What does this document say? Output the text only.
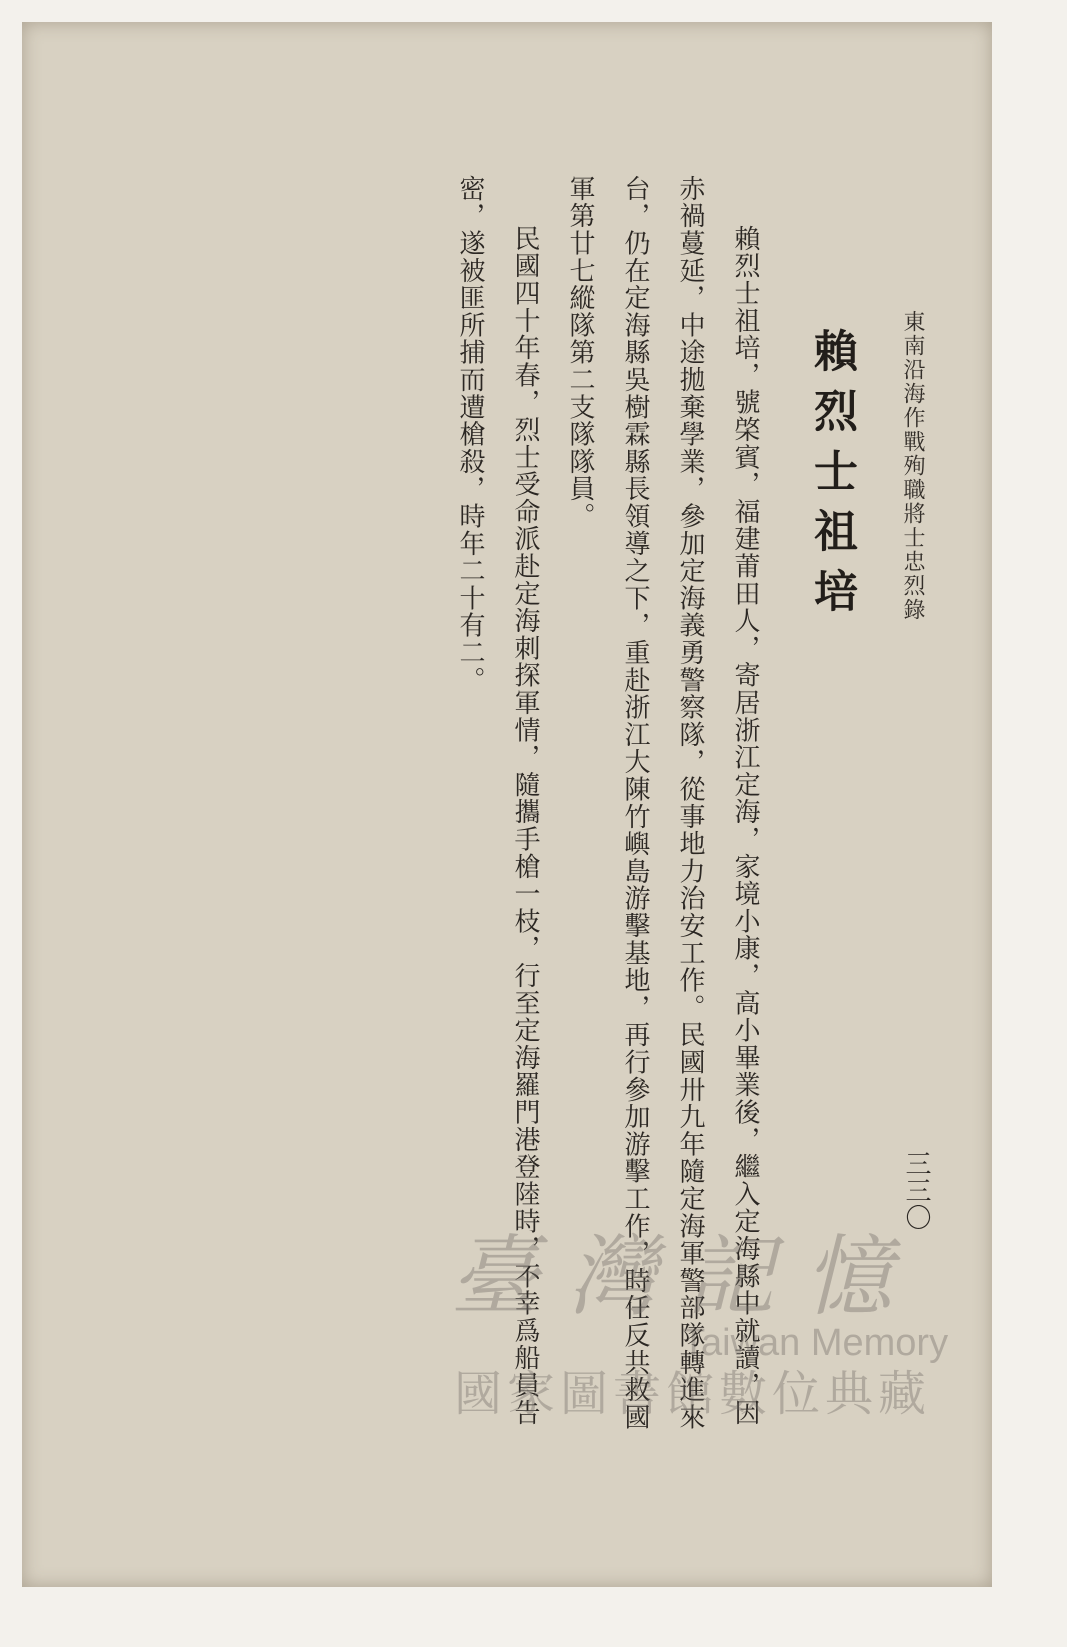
東南沿海作戰殉職將士忠烈錄
三三〇
賴烈士祖培
賴烈士祖培，號棨賓，福建莆田人，寄居浙江定海，家境小康，高小畢業後，繼入定海縣中就讀，因
赤禍蔓延，中途拋棄學業，參加定海義勇警察隊，從事地力治安工作。民國卅九年隨定海軍警部隊轉進來
台，仍在定海縣吳樹霖縣長領導之下，重赴浙江大陳竹嶼島游擊基地，再行參加游擊工作，時任反共救國
軍第廿七縱隊第二支隊隊員。
民國四十年春，烈士受命派赴定海刺探軍情，隨攜手槍一枝，行至定海羅門港登陸時，不幸爲船員告
密，遂被匪所捕而遭槍殺，時年二十有二。
臺灣記憶
Taiwan Memory
國家圖書館數位典藏
